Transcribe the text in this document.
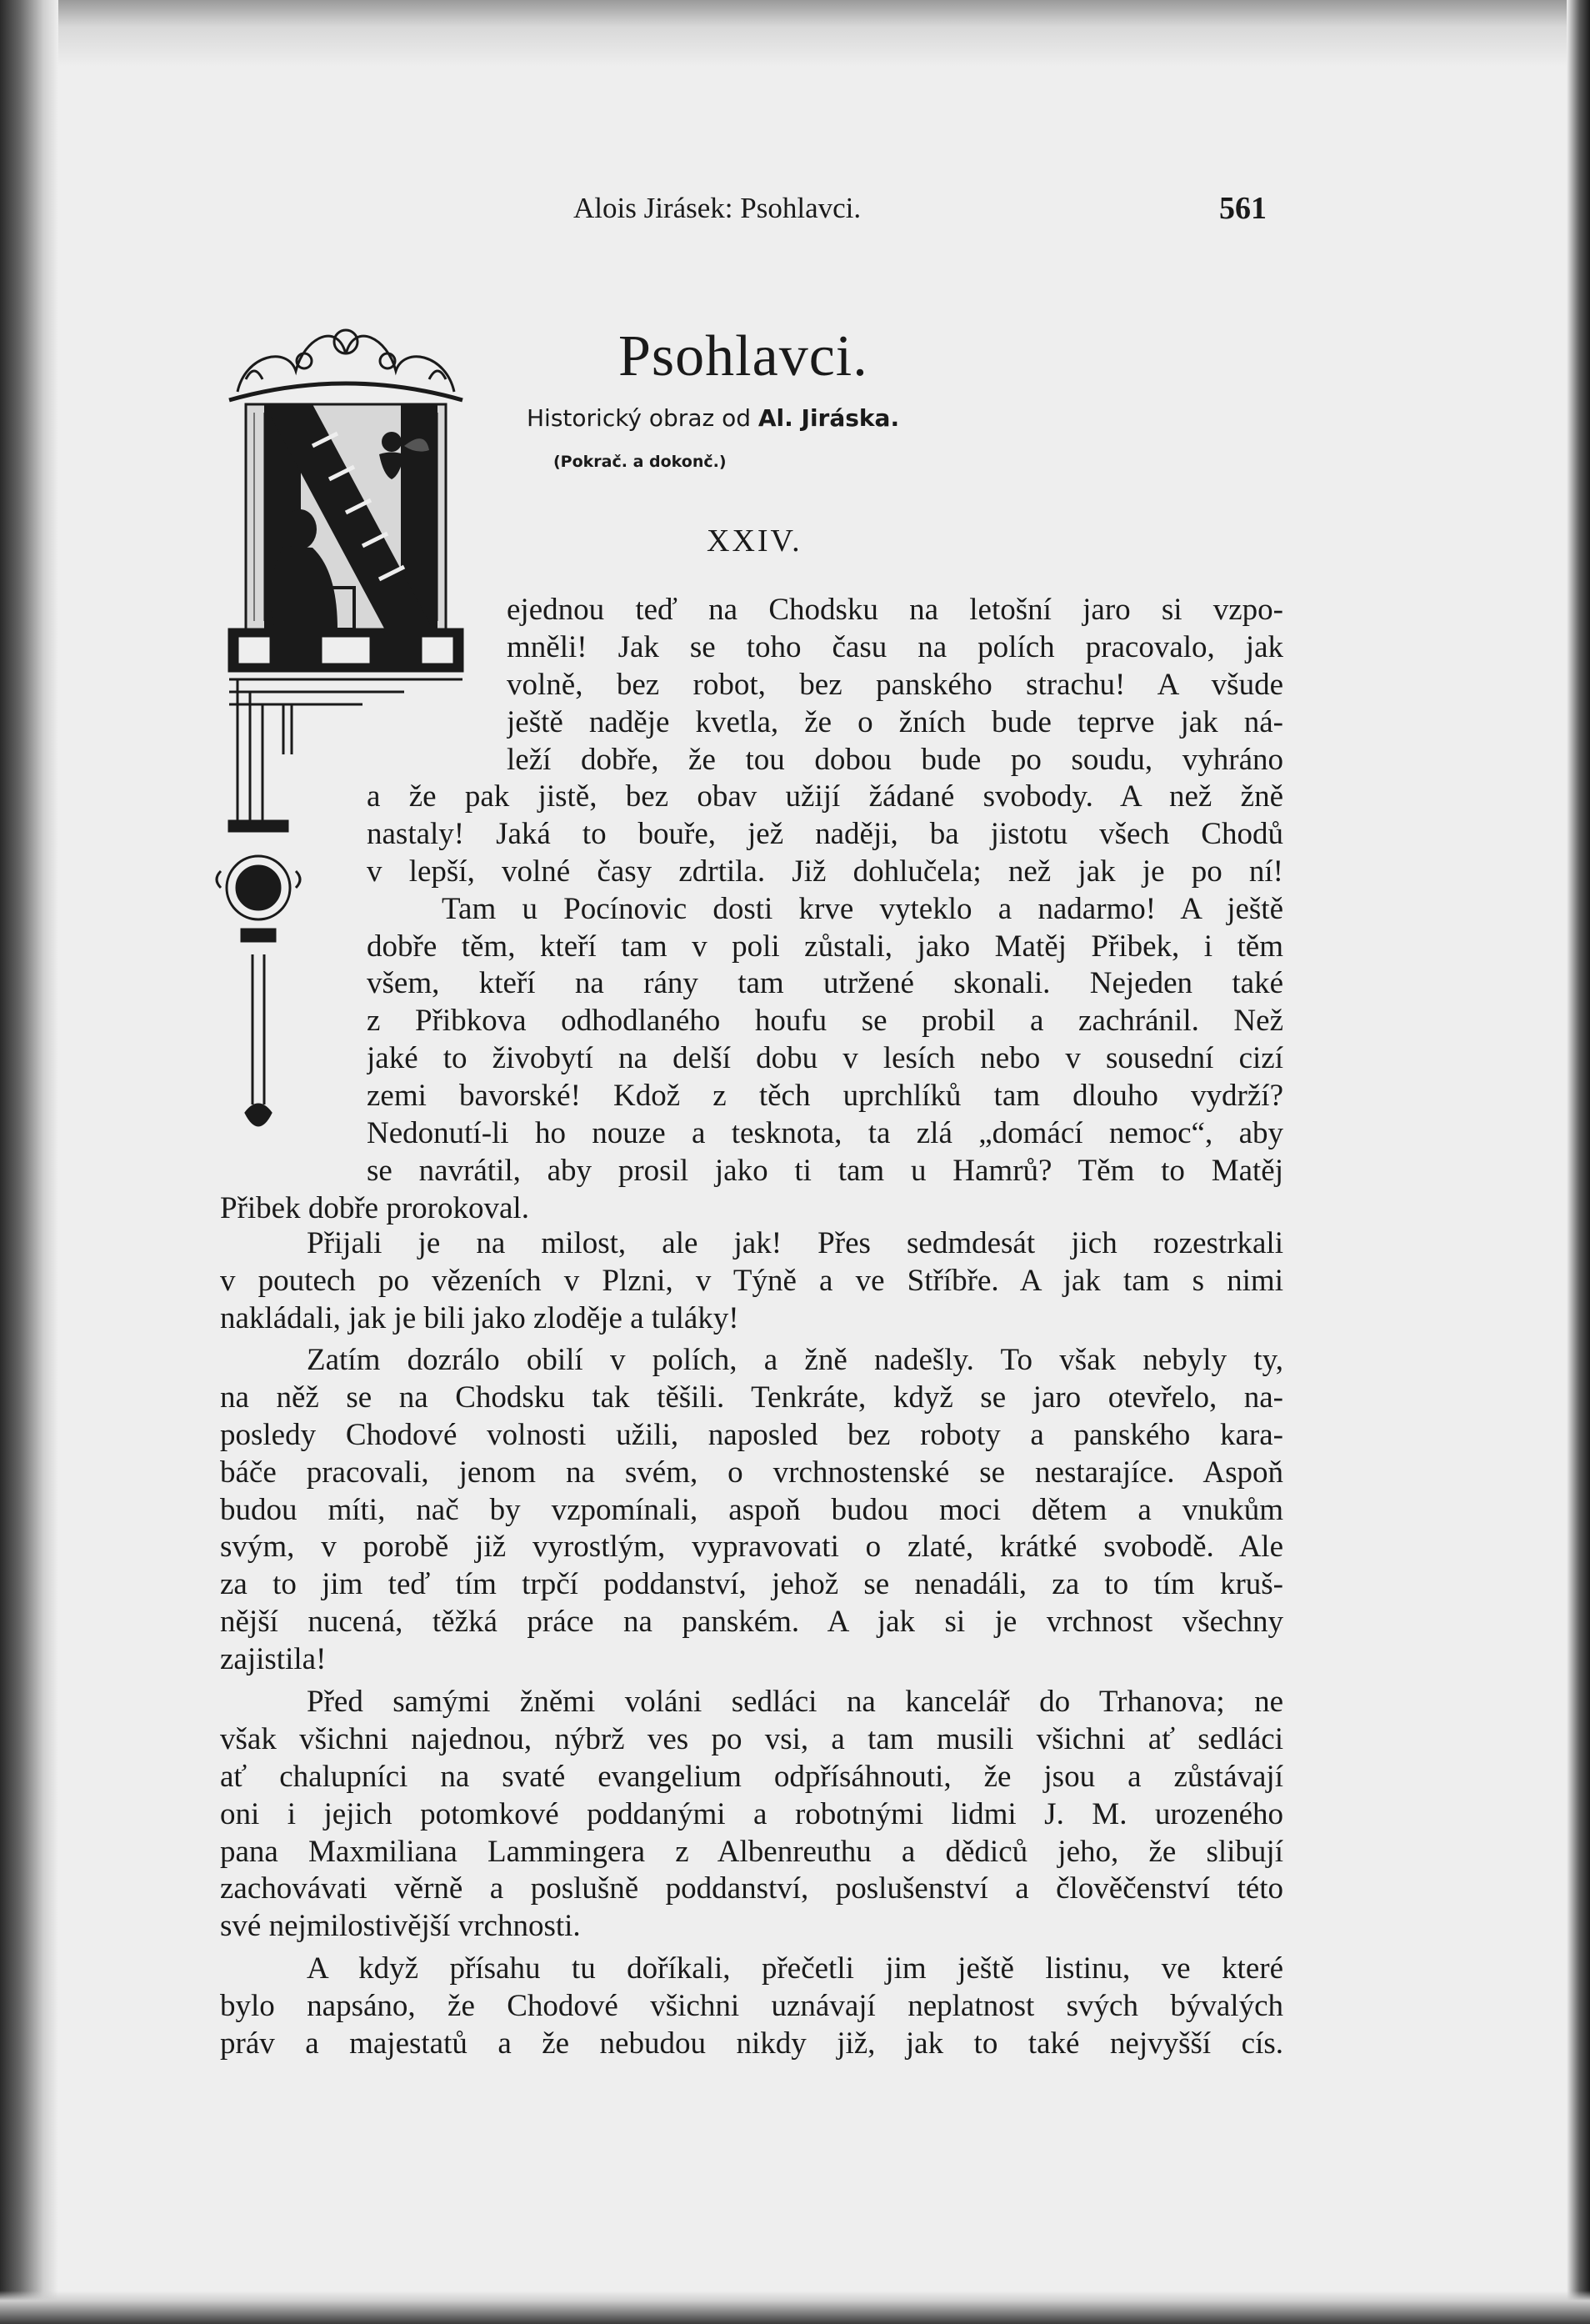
Alois Jirásek: Psohlavci.	561
Psohlavci.
Historický obraz od Al. Jiráska.
(Pokrač. a dokonč.)
XXIV.
ejednou teď na Chodsku na letošní jaro si vzpo-
mněli! Jak se toho času na polích pracovalo, jak
volně, bez robot, bez panského strachu! A všude
ještě naděje kvetla, že o žních bude teprve jak ná-
leží dobře, že tou dobou bude po soudu, vyhráno
a že pak jistě, bez obav užijí žádané svobody. A než žně
nastaly! Jaká to bouře, jež naději, ba jistotu všech Chodů
v lepší, volné časy zdrtila. Již dohlučela; než jak je po ní!
Tam u Pocínovic dosti krve vyteklo a nadarmo! A ještě
dobře těm, kteří tam v poli zůstali, jako Matěj Přibek, i těm
všem, kteří na rány tam utržené skonali. Nejeden také
z Přibkova odhodlaného houfu se probil a zachránil. Než
jaké to živobytí na delší dobu v lesích nebo v sousední cizí
zemi bavorské! Kdož z těch uprchlíků tam dlouho vydrží?
Nedonutí-li ho nouze a tesknota, ta zlá „domácí nemoc“, aby
se navrátil, aby prosil jako ti tam u Hamrů? Těm to Matěj
Přibek dobře prorokoval.
Přijali je na milost, ale jak! Přes sedmdesát jich rozestrkali
v poutech po vězeních v Plzni, v Týně a ve Stříbře. A jak tam s nimi
nakládali, jak je bili jako zloděje a tuláky!
Zatím dozrálo obilí v polích, a žně nadešly. To však nebyly ty,
na něž se na Chodsku tak těšili. Tenkráte, když se jaro otevřelo, na-
posledy Chodové volnosti užili, naposled bez roboty a panského kara-
báče pracovali, jenom na svém, o vrchnostenské se nestarajíce. Aspoň
budou míti, nač by vzpomínali, aspoň budou moci dětem a vnukům
svým, v porobě již vyrostlým, vypravovati o zlaté, krátké svobodě. Ale
za to jim teď tím trpčí poddanství, jehož se nenadáli, za to tím kruš-
nější nucená, těžká práce na panském. A jak si je vrchnost všechny
zajistila!
Před samými žněmi voláni sedláci na kancelář do Trhanova; ne
však všichni najednou, nýbrž ves po vsi, a tam musili všichni ať sedláci
ať chalupníci na svaté evangelium odpřísáhnouti, že jsou a zůstávají
oni i jejich potomkové poddanými a robotnými lidmi J. M. urozeného
pana Maxmiliana Lammingera z Albenreuthu a dědiců jeho, že slibují
zachovávati věrně a poslušně poddanství, poslušenství a člověčenství této
své nejmilostivější vrchnosti.
A když přísahu tu doříkali, přečetli jim ještě listinu, ve které
bylo napsáno, že Chodové všichni uznávají neplatnost svých bývalých
práv a majestatů a že nebudou nikdy již, jak to také nejvyšší cís.
